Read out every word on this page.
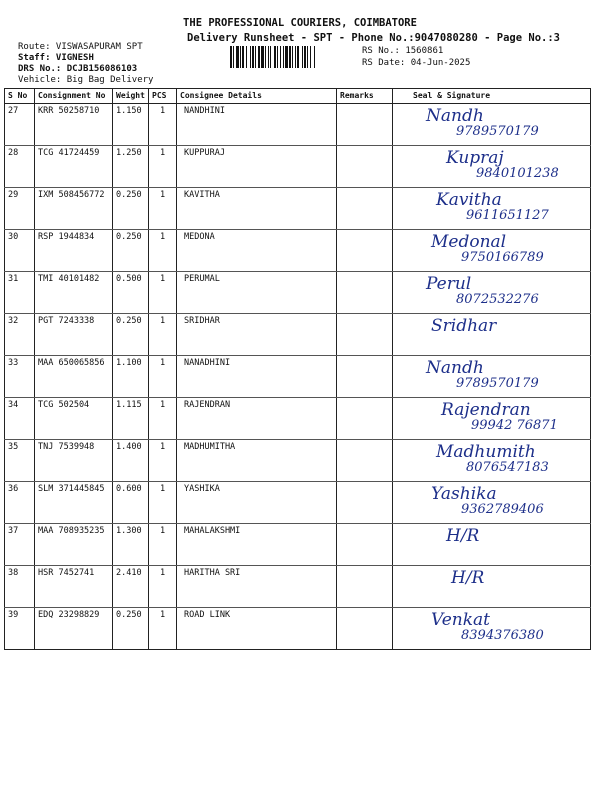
THE PROFESSIONAL COURIERS, COIMBATORE
Delivery Runsheet - SPT - Phone No.:9047080280 - Page No.:3
Route: VISWASAPURAM SPT
Staff: VIGNESH
DRS No.: DCJB156086103
Vehicle: Big Bag Delivery
RS No.: 1560861
RS Date: 04-Jun-2025
S No	Consignment No	Weight	PCS	Consignee Details	Remarks	Seal & Signature

27	KRR 50258710	1.150	1	NANDHINI		Nandh
9789570179

28	TCG 41724459	1.250	1	KUPPURAJ		Kupraj
9840101238

29	IXM 508456772	0.250	1	KAVITHA		Kavitha
9611651127

30	RSP 1944834	0.250	1	MEDONA		Medonal
9750166789

31	TMI 40101482	0.500	1	PERUMAL		Perul
8072532276

32	PGT 7243338	0.250	1	SRIDHAR		Sridhar

33	MAA 650065856	1.100	1	NANADHINI		Nandh
9789570179

34	TCG 502504	1.115	1	RAJENDRAN		Rajendran
99942 76871

35	TNJ 7539948	1.400	1	MADHUMITHA		Madhumith
8076547183

36	SLM 371445845	0.600	1	YASHIKA		Yashika
9362789406

37	MAA 708935235	1.300	1	MAHALAKSHMI		H/R

38	HSR 7452741	2.410	1	HARITHA SRI		H/R

39	EDQ 23298829	0.250	1	ROAD LINK		Venkat
8394376380
